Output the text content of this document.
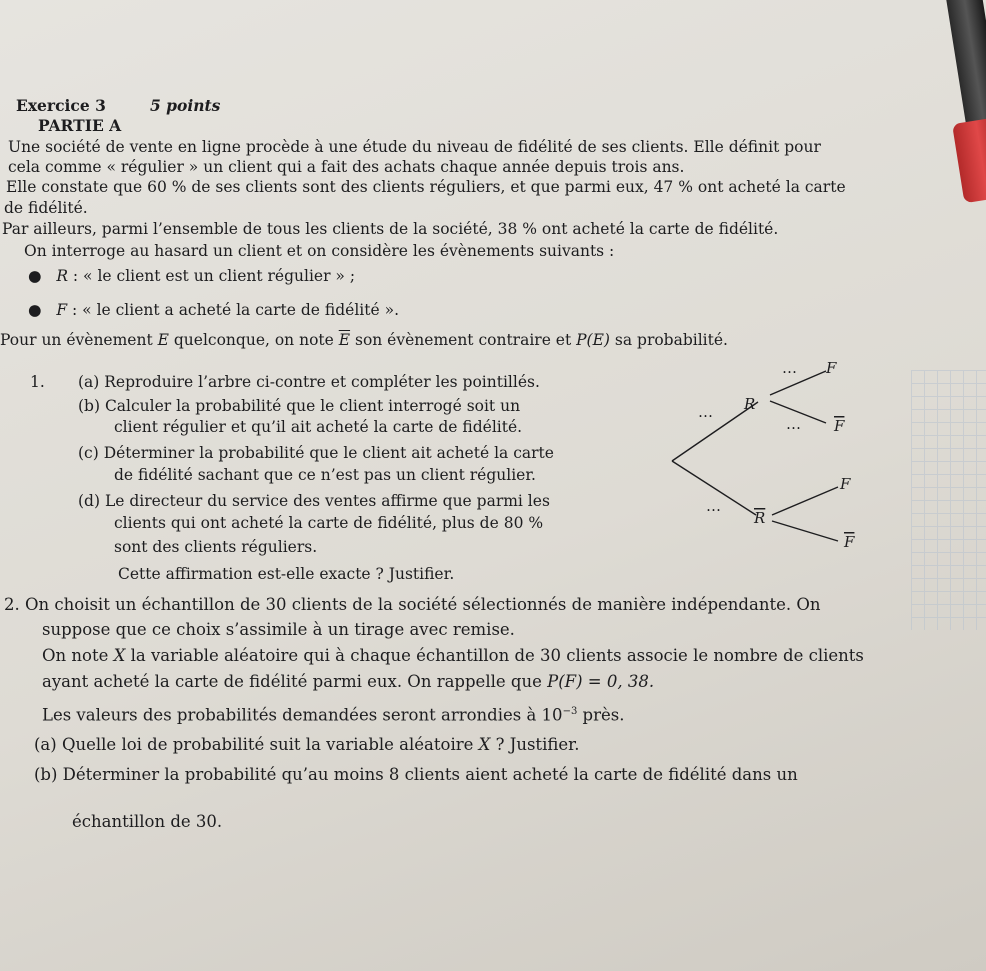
Exercice 3	5 points
PARTIE A
Une société de vente en ligne procède à une étude du niveau de fidélité de ses clients. Elle définit pour
cela comme « régulier » un client qui a fait des achats chaque année depuis trois ans.
Elle constate que 60 % de ses clients sont des clients réguliers, et que parmi eux, 47 % ont acheté la carte
de fidélité.
Par ailleurs, parmi l’ensemble de tous les clients de la société, 38 % ont acheté la carte de fidélité.
On interroge au hasard un client et on considère les évènements suivants :
● R : « le client est un client régulier » ;
● F : « le client a acheté la carte de fidélité ».
Pour un évènement E quelconque, on note $\overline{E}$ son évènement contraire et P(E) sa probabilité.
1. (a) Reproduire l’arbre ci-contre et compléter les pointillés.
(b) Calculer la probabilité que le client interrogé soit un
client régulier et qu’il ait acheté la carte de fidélité.
(c) Déterminer la probabilité que le client ait acheté la carte
de fidélité sachant que ce n’est pas un client régulier.
(d) Le directeur du service des ventes affirme que parmi les
clients qui ont acheté la carte de fidélité, plus de 80 %
sont des clients réguliers.
Cette affirmation est-elle exacte ? Justifier.
…
…
…
…
R
R
F
F
F
F
2. On choisit un échantillon de 30 clients de la société sélectionnés de manière indépendante. On
suppose que ce choix s’assimile à un tirage avec remise.
On note X la variable aléatoire qui à chaque échantillon de 30 clients associe le nombre de clients
ayant acheté la carte de fidélité parmi eux. On rappelle que P(F) = 0, 38.
Les valeurs des probabilités demandées seront arrondies à $10^{-3}$ près.
(a) Quelle loi de probabilité suit la variable aléatoire X ? Justifier.
(b) Déterminer la probabilité qu’au moins 8 clients aient acheté la carte de fidélité dans un
échantillon de 30.
